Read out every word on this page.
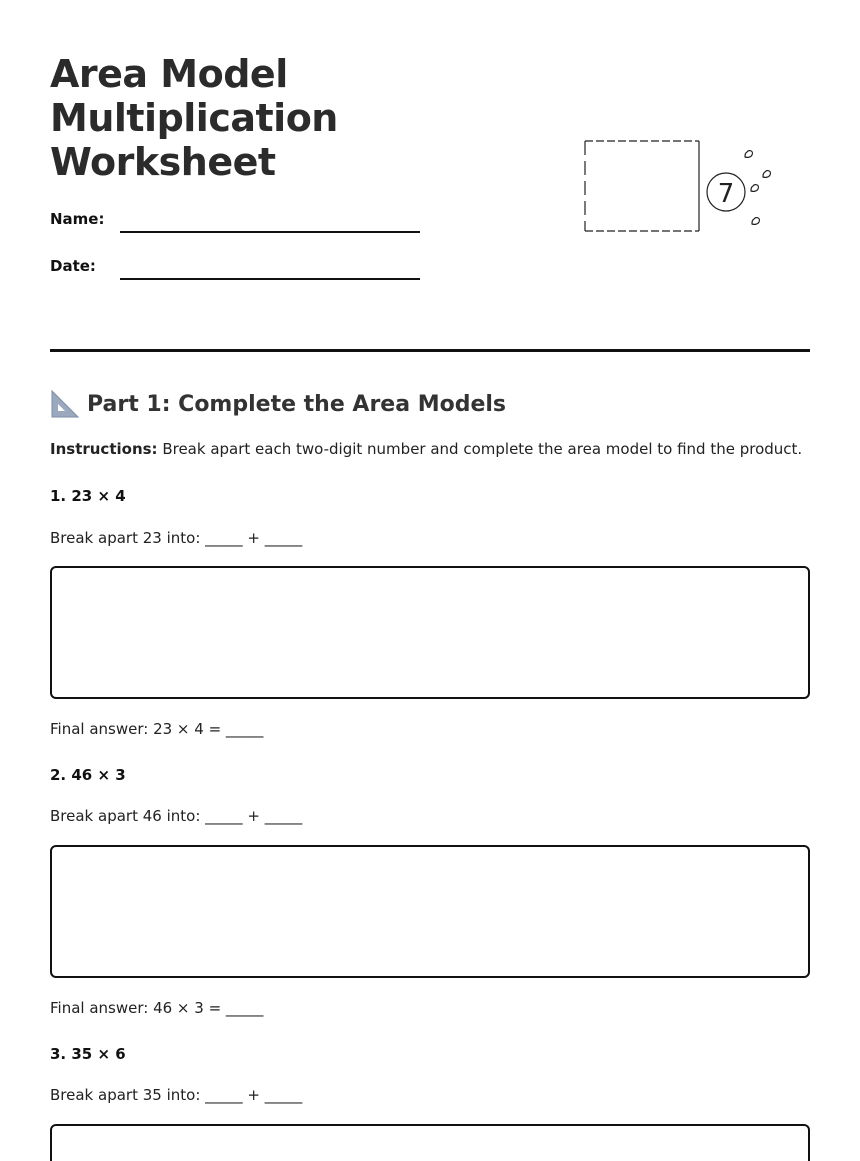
Area Model
Multiplication
Worksheet
Name:
Date:
7
Part 1: Complete the Area Models
Instructions: Break apart each two-digit number and complete the area model to find the product.
1. 23 × 4
Break apart 23 into: _____ + _____
Final answer: 23 × 4 = _____
2. 46 × 3
Break apart 46 into: _____ + _____
Final answer: 46 × 3 = _____
3. 35 × 6
Break apart 35 into: _____ + _____
